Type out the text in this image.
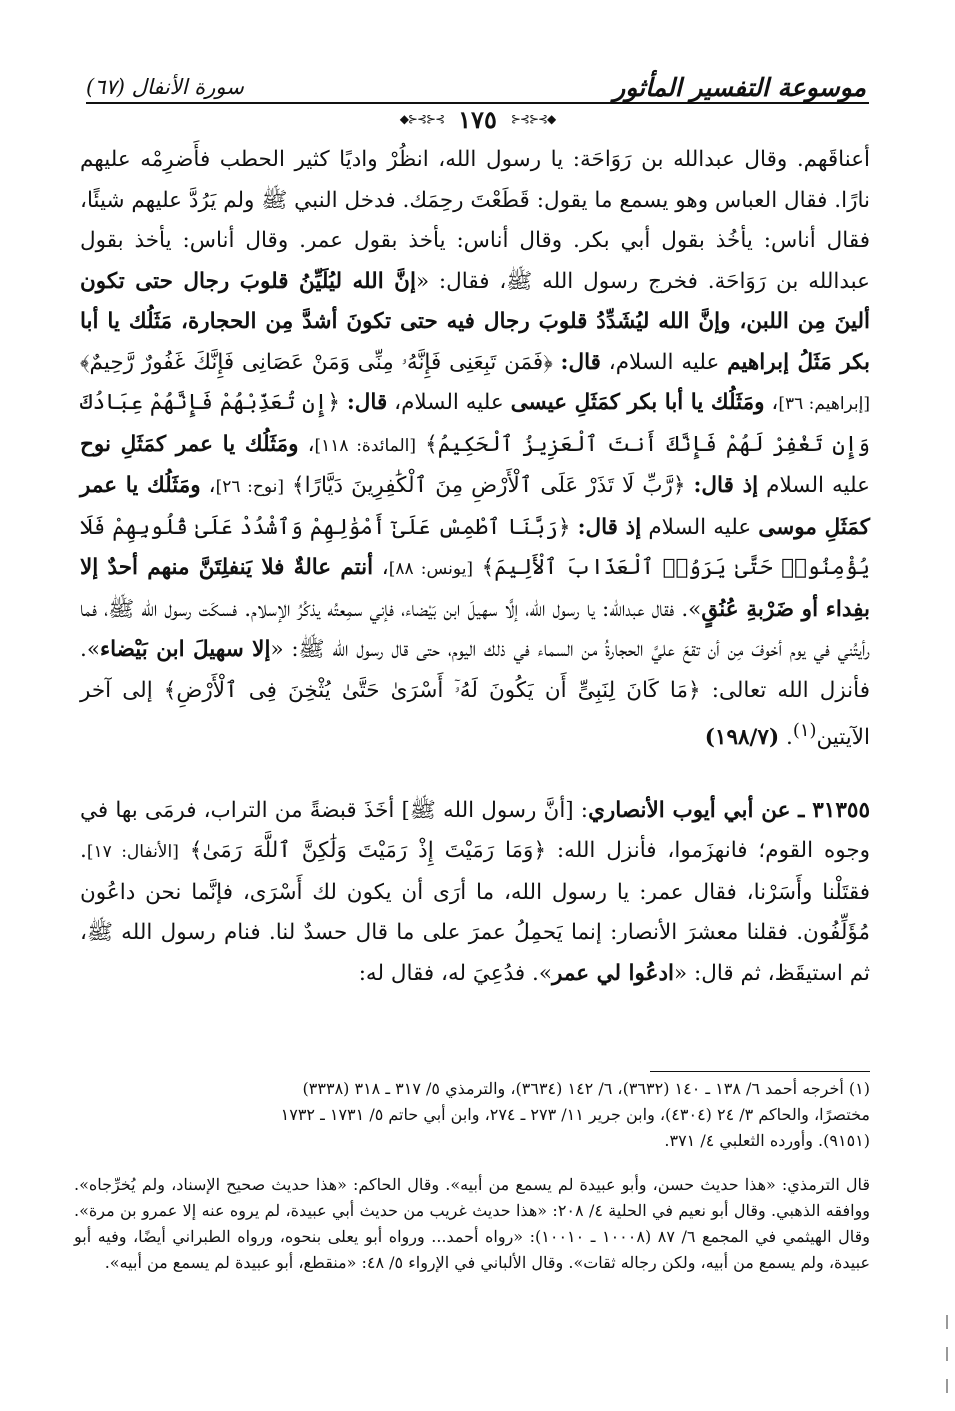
سورة الأنفال (٦٧)	موسوعة التفسير المأثور
◆⊱⊰⊱⊰ ١٧٥ ⊱⊰⊱⊰◆

أعناقَهم. وقال عبدالله بن رَوَاحَة: يا رسول الله، انظُرْ واديًا كثير الحطب فأَضرِمْه عليهم نارًا. فقال العباس وهو يسمع ما يقول: قَطَعْتَ رحِمَك. فدخل النبي ﷺ ولم يَرُدَّ عليهم شيئًا، فقال أناس: يأخُذ بقول أبي بكر. وقال أناس: يأخذ بقول عمر. وقال أناس: يأخذ بقول عبدالله بن رَوَاحَة. فخرج رسول الله ﷺ، فقال: «إنَّ الله ليُلَيِّنُ قلوبَ رجال حتى تكون ألينَ مِن اللبن، وإنَّ الله ليُشَدِّدُ قلوبَ رجال فيه حتى تكونَ أشدَّ مِن الحجارة، مَثَلُك يا أبا بكر مَثَلُ إبراهيم عليه السلام، قال: ﴿فَمَن تَبِعَنِى فَإِنَّهُۥ مِنِّى وَمَنْ عَصَانِى فَإِنَّكَ غَفُورٌ رَّحِيمٌ﴾ [إبراهيم: ٣٦]، ومَثَلُك يا أبا بكر كمَثَلِ عيسى عليه السلام، قال: ﴿إِن تُعَذِّبْهُمْ فَإِنَّهُمْ عِبَادُكَ وَإِن تَغْفِرْ لَهُمْ فَإِنَّكَ أَنتَ ٱلْعَزِيزُ ٱلْحَكِيمُ﴾ [المائدة: ١١٨]، ومَثَلُك يا عمر كمَثَلِ نوح عليه السلام إذ قال: ﴿رَّبِّ لَا تَذَرْ عَلَى ٱلْأَرْضِ مِنَ ٱلْكَٰفِرِينَ دَيَّارًا﴾ [نوح: ٢٦]، ومَثَلُك يا عمر كمَثَلِ موسى عليه السلام إذ قال: ﴿رَبَّنَا ٱطْمِسْ عَلَىٰٓ أَمْوَٰلِهِمْ وَٱشْدُدْ عَلَىٰ قُلُوبِهِمْ فَلَا يُؤْمِنُوا۟ حَتَّىٰ يَرَوُا۟ ٱلْعَذَابَ ٱلْأَلِيمَ﴾ [يونس: ٨٨]، أنتم عالةٌ فلا يَنفلِتَنَّ منهم أحدٌ إلا بفِداء أو ضَرْبةِ عُنُقٍ». فقال عبدالله: يا رسول الله، إلَّا سهيلَ ابن بَيْضاء، فإني سمِعتُه يذكُرُ الإسلام. فسكَت رسول الله ﷺ، فما رأيتُني في يوم أخوفَ مِن أن تقعَ عليَّ الحجارةُ من السماء في ذلك اليوم، حتى قال رسول الله ﷺ: «إلا سهيلَ ابن بَيْضاء». فأنزل الله تعالى: ﴿مَا كَانَ لِنَبِىٍّ أَن يَكُونَ لَهُۥٓ أَسْرَىٰ حَتَّىٰ يُثْخِنَ فِى ٱلْأَرْضِ﴾ إلى آخر الآيتين$^{(١)}$. (١٩٨/٧)

٣١٣٥٥ ـ عن أبي أيوب الأنصاري: [أنَّ رسول الله ﷺ] أخَذَ قبضةً من التراب، فرمَى بها في وجوه القوم؛ فانهزَموا، فأنزل الله: ﴿وَمَا رَمَيْتَ إِذْ رَمَيْتَ وَلَٰكِنَّ ٱللَّهَ رَمَىٰ﴾ [الأنفال: ١٧]. فقتَلْنا وأَسَرْنا، فقال عمر: يا رسول الله، ما أرَى أن يكون لك أَسْرَى، فإنَّما نحن داعُون مُؤَلِّفُون. فقلنا معشرَ الأنصار: إنما يَحمِلُ عمرَ على ما قال حسدٌ لنا. فنام رسول الله ﷺ، ثم استيقَظ، ثم قال: «ادعُوا لي عمر». فدُعِيَ له، فقال له:

(١) أخرجه أحمد ٦/ ١٣٨ ـ ١٤٠ (٣٦٣٢)، ٦/ ١٤٢ (٣٦٣٤)، والترمذي ٥/ ٣١٧ ـ ٣١٨ (٣٣٣٨)

مختصرًا، والحاكم ٣/ ٢٤ (٤٣٠٤)، وابن جرير ١١/ ٢٧٣ ـ ٢٧٤، وابن أبي حاتم ٥/ ١٧٣١ ـ ١٧٣٢

(٩١٥١). وأورده الثعلبي ٤/ ٣٧١.

قال الترمذي: «هذا حديث حسن، وأبو عبيدة لم يسمع من أبيه». وقال الحاكم: «هذا حديث صحيح الإسناد، ولم يُخرِّجاه». ووافقه الذهبي. وقال أبو نعيم في الحلية ٤/ ٢٠٨: «هذا حديث غريب من حديث أبي عبيدة، لم يروه عنه إلا عمرو بن مرة». وقال الهيثمي في المجمع ٦/ ٨٧ (١٠٠٠٨ ـ ١٠٠١٠): «رواه أحمد... ورواه أبو يعلى بنحوه، ورواه الطبراني أيضًا، وفيه أبو عبيدة، ولم يسمع من أبيه، ولكن رجاله ثقات». وقال الألباني في الإرواء ٥/ ٤٨: «منقطع، أبو عبيدة لم يسمع من أبيه».
